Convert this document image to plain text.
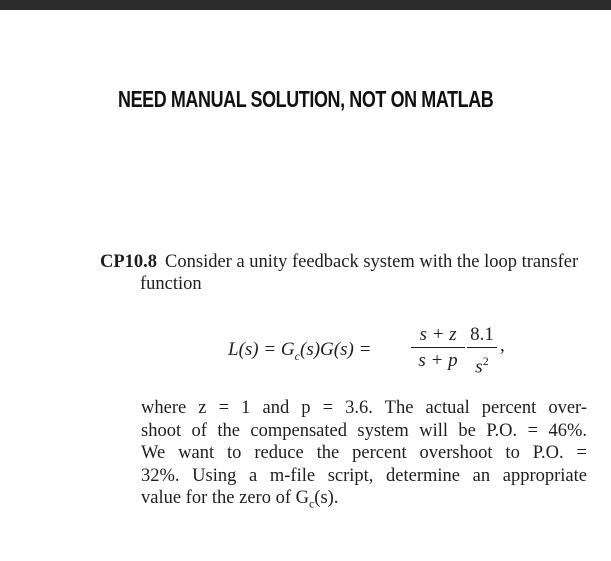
NEED MANUAL SOLUTION, NOT ON MATLAB

CP10.8 Consider a unity feedback system with the loop transfer function

$L(s) = G_c(s)G(s)$ =
s + z
s + p
8.1
$s^2$
,
where z = 1 and p = 3.6. The actual percent over-
shoot of the compensated system will be P.O. = 46%.
We want to reduce the percent overshoot to P.O. =
32%. Using a m-file script, determine an appropriate
value for the zero of $G_c(s)$.
